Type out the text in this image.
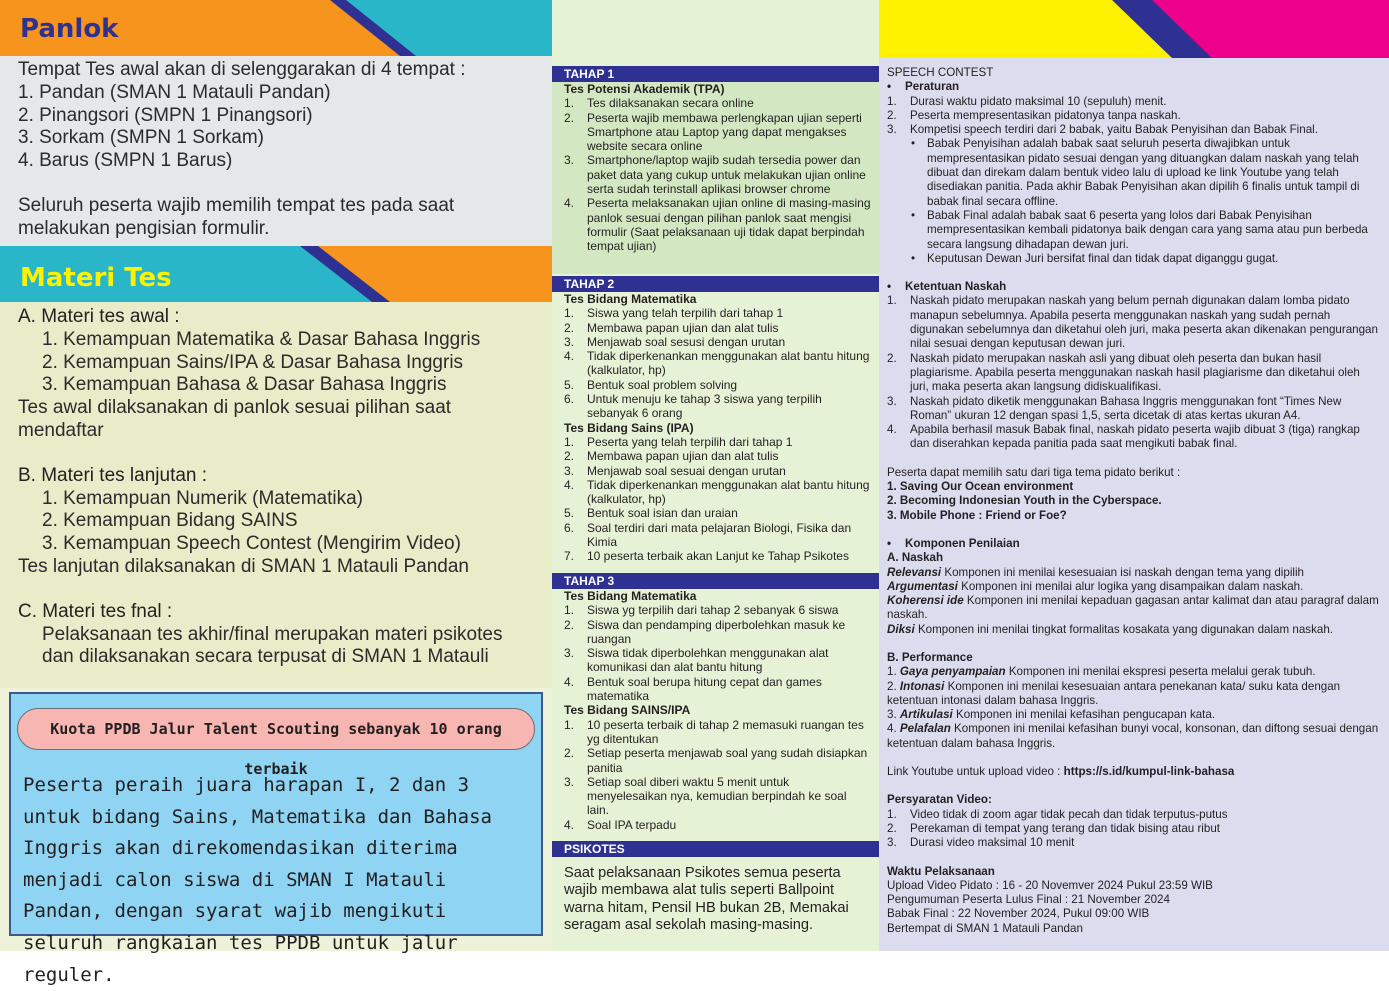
Panlok
Tempat Tes awal akan di selenggarakan di 4 tempat :
1. Pandan (SMAN 1 Matauli Pandan)
2. Pinangsori (SMPN 1 Pinangsori)
3. Sorkam (SMPN 1 Sorkam)
4. Barus (SMPN 1 Barus)
Seluruh peserta wajib memilih tempat tes pada saat melakukan pengisian formulir.
Materi Tes
A. Materi tes awal :
1. Kemampuan Matematika & Dasar Bahasa Inggris
2. Kemampuan Sains/IPA & Dasar Bahasa Inggris
3. Kemampuan Bahasa & Dasar Bahasa Inggris
Tes awal dilaksanakan di panlok sesuai pilihan saat mendaftar
B. Materi tes lanjutan :
1. Kemampuan Numerik (Matematika)
2. Kemampuan Bidang SAINS
3. Kemampuan Speech Contest (Mengirim Video)
Tes lanjutan dilaksanakan di SMAN 1 Matauli Pandan
C. Materi tes fnal :
Pelaksanaan tes akhir/final merupakan materi psikotes dan dilaksanakan secara terpusat di SMAN 1 Matauli
Kuota PPDB Jalur Talent Scouting sebanyak 10 orang terbaik
Peserta peraih juara harapan I, 2 dan 3 untuk bidang Sains, Matematika dan Bahasa Inggris akan direkomendasikan diterima menjadi calon siswa di SMAN I Matauli Pandan, dengan syarat wajib mengikuti seluruh rangkaian tes PPDB untuk jalur reguler.
TAHAP 1
Tes Potensi Akademik (TPA)
1. Tes dilaksanakan secara online
2. Peserta wajib membawa perlengkapan ujian seperti Smartphone atau Laptop yang dapat mengakses website secara online
3. Smartphone/laptop wajib sudah tersedia power dan paket data yang cukup untuk melakukan ujian online serta sudah terinstall aplikasi browser chrome
4. Peserta melaksanakan ujian online di masing-masing panlok sesuai dengan pilihan panlok saat mengisi formulir (Saat pelaksanaan uji tidak dapat berpindah tempat ujian)
TAHAP 2
Tes Bidang Matematika
1. Siswa yang telah terpilih dari tahap 1
2. Membawa papan ujian dan alat tulis
3. Menjawab soal sesusi dengan urutan
4. Tidak diperkenankan menggunakan alat bantu hitung (kalkulator, hp)
5. Bentuk soal problem solving
6. Untuk menuju ke tahap 3 siswa yang terpilih sebanyak 6 orang
Tes Bidang Sains (IPA)
1. Peserta yang telah terpilih dari tahap 1
2. Membawa papan ujian dan alat tulis
3. Menjawab soal sesuai dengan urutan
4. Tidak diperkenankan menggunakan alat bantu hitung (kalkulator, hp)
5. Bentuk soal isian dan uraian
6. Soal terdiri dari mata pelajaran Biologi, Fisika dan Kimia
7. 10 peserta terbaik akan Lanjut ke Tahap Psikotes
TAHAP 3
Tes Bidang Matematika
1. Siswa yg terpilih dari tahap 2 sebanyak 6 siswa
2. Siswa dan pendamping diperbolehkan masuk ke ruangan
3. Siswa tidak diperbolehkan menggunakan alat komunikasi dan alat bantu hitung
4. Bentuk soal berupa hitung cepat dan games matematika
Tes Bidang SAINS/IPA
1. 10 peserta terbaik di tahap 2 memasuki ruangan tes yg ditentukan
2. Setiap peserta menjawab soal yang sudah disiapkan panitia
3. Setiap soal diberi waktu 5 menit untuk menyelesaikan nya, kemudian berpindah ke soal lain.
4. Soal IPA terpadu
PSIKOTES
Saat pelaksanaan Psikotes semua peserta wajib membawa alat tulis seperti Ballpoint warna hitam, Pensil HB bukan 2B, Memakai seragam asal sekolah masing-masing.
SPEECH CONTEST
• Peraturan
1. Durasi waktu pidato maksimal 10 (sepuluh) menit.
2. Peserta mempresentasikan pidatonya tanpa naskah.
3. Kompetisi speech terdiri dari 2 babak, yaitu Babak Penyisihan dan Babak Final.
• Babak Penyisihan adalah babak saat seluruh peserta diwajibkan untuk mempresentasikan pidato sesuai dengan yang dituangkan dalam naskah yang telah dibuat dan direkam dalam bentuk video lalu di upload ke link Youtube yang telah disediakan panitia. Pada akhir Babak Penyisihan akan dipilih 6 finalis untuk tampil di babak final secara offline.
• Babak Final adalah babak saat 6 peserta yang lolos dari Babak Penyisihan mempresentasikan kembali pidatonya baik dengan cara yang sama atau pun berbeda secara langsung dihadapan dewan juri.
• Keputusan Dewan Juri bersifat final dan tidak dapat diganggu gugat.
• Ketentuan Naskah
1. Naskah pidato merupakan naskah yang belum pernah digunakan dalam lomba pidato manapun sebelumnya. Apabila peserta menggunakan naskah yang sudah pernah digunakan sebelumnya dan diketahui oleh juri, maka peserta akan dikenakan pengurangan nilai sesuai dengan keputusan dewan juri.
2. Naskah pidato merupakan naskah asli yang dibuat oleh peserta dan bukan hasil plagiarisme. Apabila peserta menggunakan naskah hasil plagiarisme dan diketahui oleh juri, maka peserta akan langsung didiskualifikasi.
3. Naskah pidato diketik menggunakan Bahasa Inggris menggunakan font “Times New Roman” ukuran 12 dengan spasi 1,5, serta dicetak di atas kertas ukuran A4.
4. Apabila berhasil masuk Babak final, naskah pidato peserta wajib dibuat 3 (tiga) rangkap dan diserahkan kepada panitia pada saat mengikuti babak final.
Peserta dapat memilih satu dari tiga tema pidato berikut :
1. Saving Our Ocean environment
2. Becoming Indonesian Youth in the Cyberspace.
3. Mobile Phone : Friend or Foe?
• Komponen Penilaian
A. Naskah
Relevansi Komponen ini menilai kesesuaian isi naskah dengan tema yang dipilih
Argumentasi Komponen ini menilai alur logika yang disampaikan dalam naskah.
Koherensi ide Komponen ini menilai kepaduan gagasan antar kalimat dan atau paragraf dalam naskah.
Diksi Komponen ini menilai tingkat formalitas kosakata yang digunakan dalam naskah.
B. Performance
1. Gaya penyampaian Komponen ini menilai ekspresi peserta melalui gerak tubuh.
2. Intonasi Komponen ini menilai kesesuaian antara penekanan kata/ suku kata dengan ketentuan intonasi dalam bahasa Inggris.
3. Artikulasi Komponen ini menilai kefasihan pengucapan kata.
4. Pelafalan Komponen ini menilai kefasihan bunyi vocal, konsonan, dan diftong sesuai dengan ketentuan dalam bahasa Inggris.
Link Youtube untuk upload video : https://s.id/kumpul-link-bahasa
Persyaratan Video:
1. Video tidak di zoom agar tidak pecah dan tidak terputus-putus
2. Perekaman di tempat yang terang dan tidak bising atau ribut
3. Durasi video maksimal 10 menit
Waktu Pelaksanaan
Upload Video Pidato : 16 - 20 Novemver 2024 Pukul 23:59 WIB
Pengumuman Peserta Lulus Final : 21 November 2024
Babak Final : 22 November 2024, Pukul 09:00 WIB
Bertempat di SMAN 1 Matauli Pandan
